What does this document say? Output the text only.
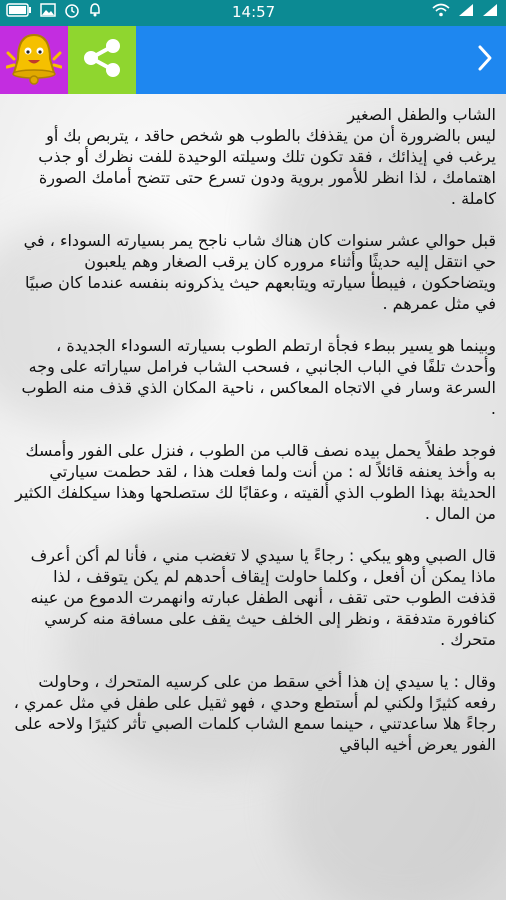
14:57
الشاب والطفل الصغير

ليس بالضرورة أن من يقذفك بالطوب هو شخص حاقد ، يتربص بك أو يرغب في إيذائك ، فقد تكون تلك وسيلته الوحيدة للفت نظرك أو جذب اهتمامك ، لذا انظر للأمور بروية ودون تسرع حتى تتضح أمامك الصورة كاملة .

قبل حوالي عشر سنوات كان هناك شاب ناجح يمر بسيارته السوداء ، في حي انتقل إليه حديثًا وأثناء مروره كان يرقب الصغار وهم يلعبون ويتضاحكون ، فيبطأ سيارته ويتابعهم حيث يذكرونه بنفسه عندما كان صبيًا في مثل عمرهم .

وبينما هو يسير ببطء فجأة ارتطم الطوب بسيارته السوداء الجديدة ، وأحدث تلفًا في الباب الجانبي ، فسحب الشاب فرامل سياراته على وجه السرعة وسار في الاتجاه المعاكس ، ناحية المكان الذي قذف منه الطوب .

فوجد طفلاً يحمل بيده نصف قالب من الطوب ، فنزل على الفور وأمسك به وأخذ يعنفه قائلاً له : من أنت ولما فعلت هذا ، لقد حطمت سيارتي الحديثة بهذا الطوب الذي ألقيته ، وعقابًا لك ستصلحها وهذا سيكلفك الكثير من المال .

قال الصبي وهو يبكي : رجاءً يا سيدي لا تغضب مني ، فأنا لم أكن أعرف ماذا يمكن أن أفعل ، وكلما حاولت إيقاف أحدهم لم يكن يتوقف ، لذا قذفت الطوب حتى تقف ، أنهى الطفل عبارته وانهمرت الدموع من عينه كنافورة متدفقة ، ونظر إلى الخلف حيث يقف على مسافة منه كرسي متحرك .

وقال : يا سيدي إن هذا أخي سقط من على كرسيه المتحرك ، وحاولت رفعه كثيرًا ولكني لم أستطع وحدي ، فهو ثقيل على طفل في مثل عمري ، رجاءً هلا ساعدتني ، حينما سمع الشاب كلمات الصبي تأثر كثيرًا ولاحه على الفور يعرض أخيه الباقي
